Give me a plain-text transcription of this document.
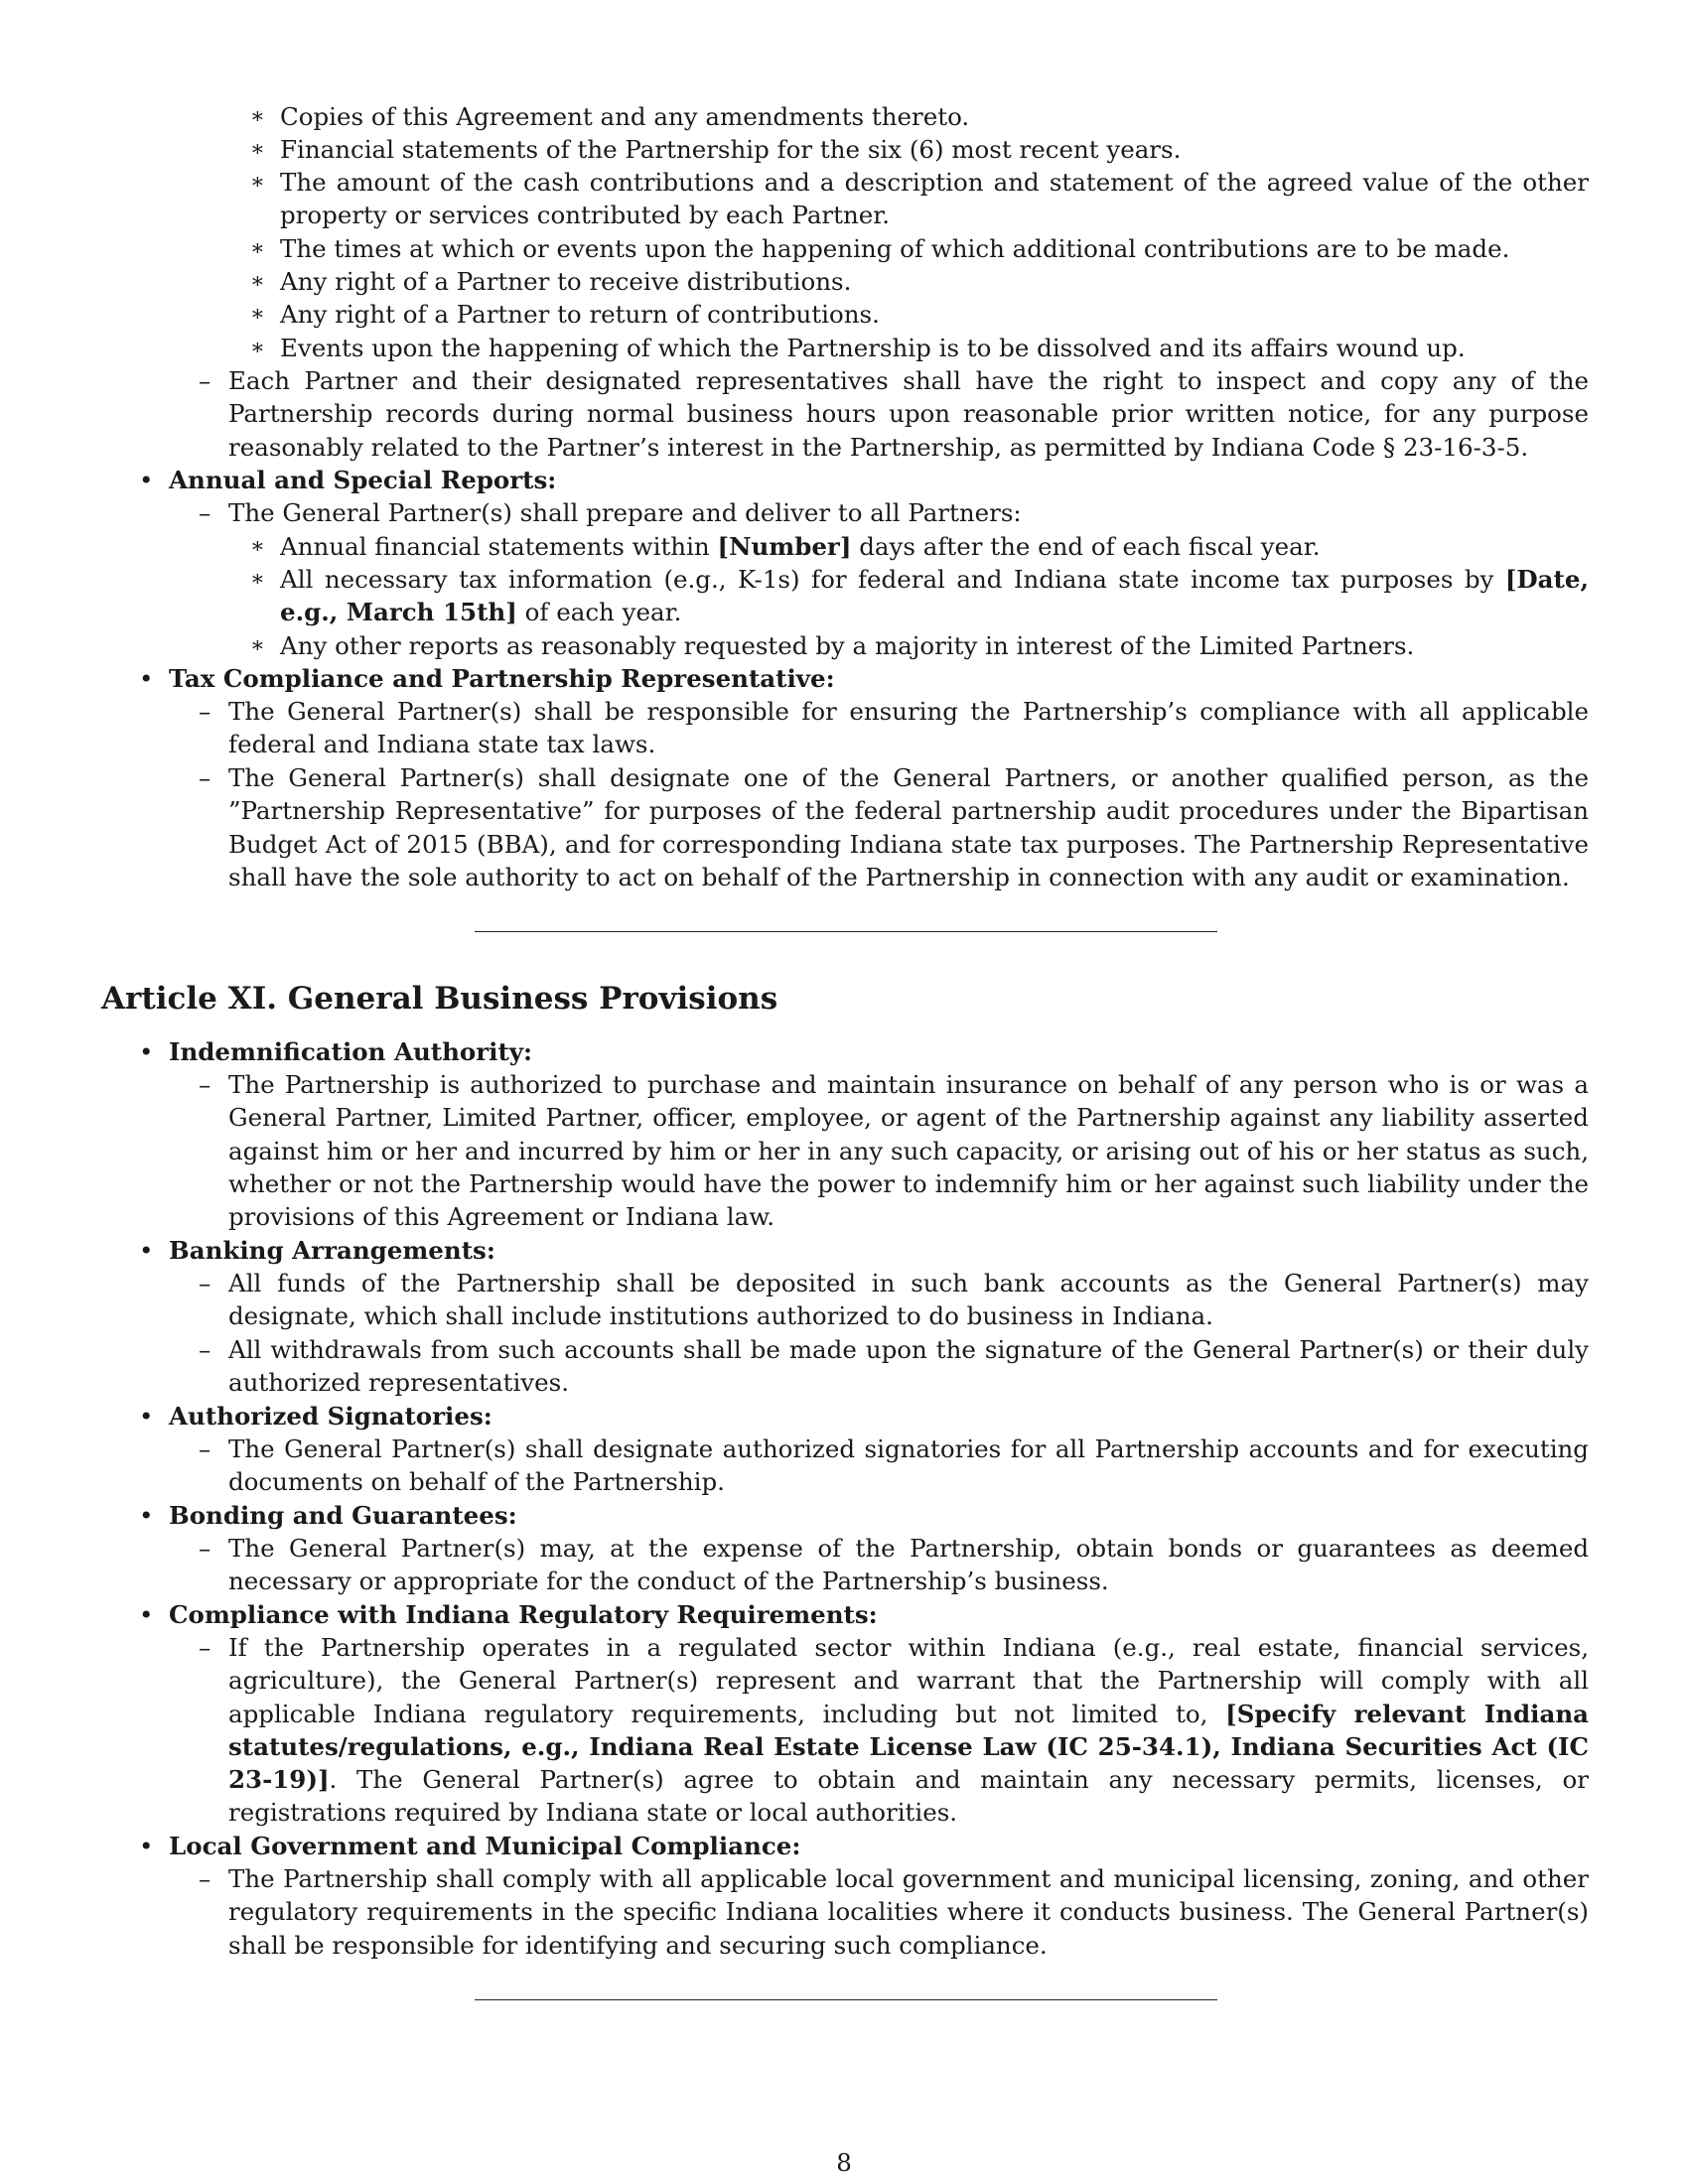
∗ Copies of this Agreement and any amendments thereto.

∗ Financial statements of the Partnership for the six (6) most recent years.

∗ The amount of the cash contributions and a description and statement of the agreed value of the other property or services contributed by each Partner.

∗ The times at which or events upon the happening of which additional contributions are to be made.

∗ Any right of a Partner to receive distributions.

∗ Any right of a Partner to return of contributions.

∗ Events upon the happening of which the Partnership is to be dissolved and its affairs wound up.

– Each Partner and their designated representatives shall have the right to inspect and copy any of the Partnership records during normal business hours upon reasonable prior written notice, for any purpose reasonably related to the Partner’s interest in the Partnership, as permitted by Indiana Code § 23-16-3-5.

• Annual and Special Reports:

– The General Partner(s) shall prepare and deliver to all Partners:

∗ Annual financial statements within [Number] days after the end of each fiscal year.

∗ All necessary tax information (e.g., K-1s) for federal and Indiana state income tax purposes by [Date, e.g., March 15th] of each year.

∗ Any other reports as reasonably requested by a majority in interest of the Limited Partners.

• Tax Compliance and Partnership Representative:

– The General Partner(s) shall be responsible for ensuring the Partnership’s compliance with all applicable federal and Indiana state tax laws.

– The General Partner(s) shall designate one of the General Partners, or another qualified person, as the ”Partnership Representative” for purposes of the federal partnership audit procedures under the Bipartisan Budget Act of 2015 (BBA), and for corresponding Indiana state tax purposes. The Partnership Representative shall have the sole authority to act on behalf of the Partnership in connection with any audit or examination.

Article XI. General Business Provisions

• Indemnification Authority:

– The Partnership is authorized to purchase and maintain insurance on behalf of any person who is or was a General Partner, Limited Partner, officer, employee, or agent of the Partnership against any liability asserted against him or her and incurred by him or her in any such capacity, or arising out of his or her status as such, whether or not the Partnership would have the power to indemnify him or her against such liability under the provisions of this Agreement or Indiana law.

• Banking Arrangements:

– All funds of the Partnership shall be deposited in such bank accounts as the General Partner(s) may designate, which shall include institutions authorized to do business in Indiana.

– All withdrawals from such accounts shall be made upon the signature of the General Partner(s) or their duly authorized representatives.

• Authorized Signatories:

– The General Partner(s) shall designate authorized signatories for all Partnership accounts and for executing documents on behalf of the Partnership.

• Bonding and Guarantees:

– The General Partner(s) may, at the expense of the Partnership, obtain bonds or guarantees as deemed necessary or appropriate for the conduct of the Partnership’s business.

• Compliance with Indiana Regulatory Requirements:

– If the Partnership operates in a regulated sector within Indiana (e.g., real estate, financial services, agriculture), the General Partner(s) represent and warrant that the Partnership will comply with all applicable Indiana regulatory requirements, including but not limited to, [Specify relevant Indiana statutes/regulations, e.g., Indiana Real Estate License Law (IC 25-34.1), Indiana Securities Act (IC 23-19)]. The General Partner(s) agree to obtain and maintain any necessary permits, licenses, or registrations required by Indiana state or local authorities.

• Local Government and Municipal Compliance:

– The Partnership shall comply with all applicable local government and municipal licensing, zoning, and other regulatory requirements in the specific Indiana localities where it conducts business. The General Partner(s) shall be responsible for identifying and securing such compliance.

8
